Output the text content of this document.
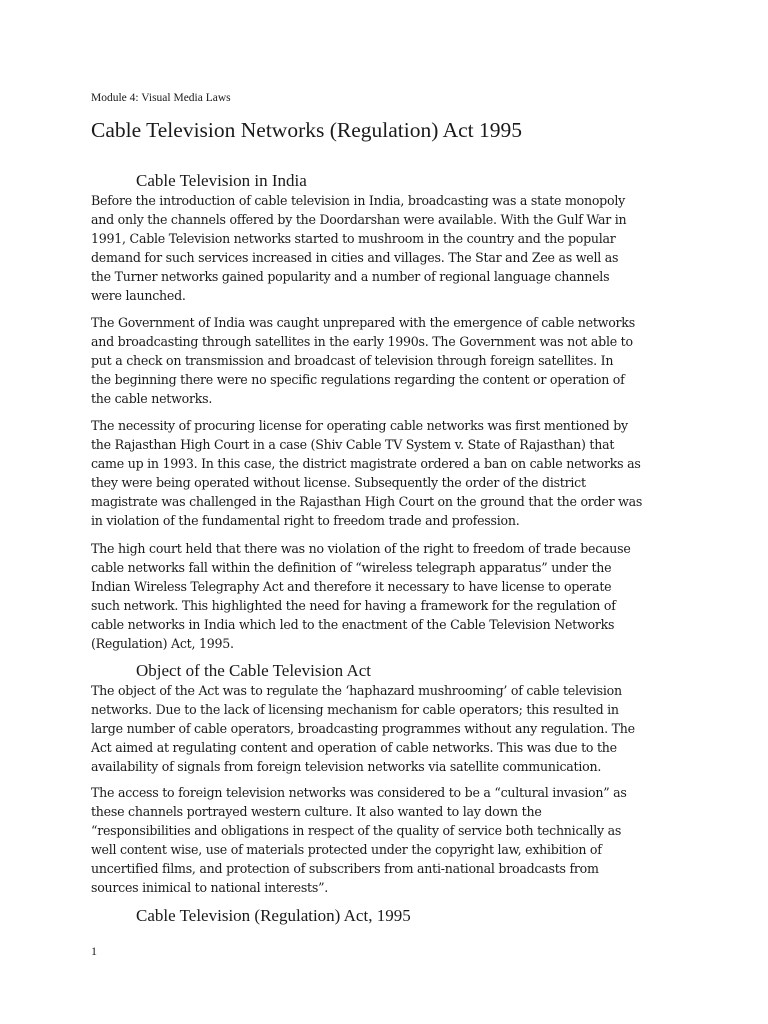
Module 4: Visual Media Laws
Cable Television Networks (Regulation) Act 1995
Cable Television in India

Before the introduction of cable television in India, broadcasting was a state monopoly
and only the channels offered by the Doordarshan were available. With the Gulf War in
1991, Cable Television networks started to mushroom in the country and the popular
demand for such services increased in cities and villages. The Star and Zee as well as
the Turner networks gained popularity and a number of regional language channels
were launched.

The Government of India was caught unprepared with the emergence of cable networks
and broadcasting through satellites in the early 1990s. The Government was not able to
put a check on transmission and broadcast of television through foreign satellites. In
the beginning there were no specific regulations regarding the content or operation of
the cable networks.

The necessity of procuring license for operating cable networks was first mentioned by
the Rajasthan High Court in a case (Shiv Cable TV System v. State of Rajasthan) that
came up in 1993. In this case, the district magistrate ordered a ban on cable networks as
they were being operated without license. Subsequently the order of the district
magistrate was challenged in the Rajasthan High Court on the ground that the order was
in violation of the fundamental right to freedom trade and profession.

The high court held that there was no violation of the right to freedom of trade because
cable networks fall within the definition of “wireless telegraph apparatus” under the
Indian Wireless Telegraphy Act and therefore it necessary to have license to operate
such network. This highlighted the need for having a framework for the regulation of
cable networks in India which led to the enactment of the Cable Television Networks
(Regulation) Act, 1995.

Object of the Cable Television Act

The object of the Act was to regulate the ‘haphazard mushrooming’ of cable television
networks. Due to the lack of licensing mechanism for cable operators; this resulted in
large number of cable operators, broadcasting programmes without any regulation. The
Act aimed at regulating content and operation of cable networks. This was due to the
availability of signals from foreign television networks via satellite communication.

The access to foreign television networks was considered to be a “cultural invasion” as
these channels portrayed western culture. It also wanted to lay down the
“responsibilities and obligations in respect of the quality of service both technically as
well content wise, use of materials protected under the copyright law, exhibition of
uncertified films, and protection of subscribers from anti-national broadcasts from
sources inimical to national interests”.

Cable Television (Regulation) Act, 1995
1
